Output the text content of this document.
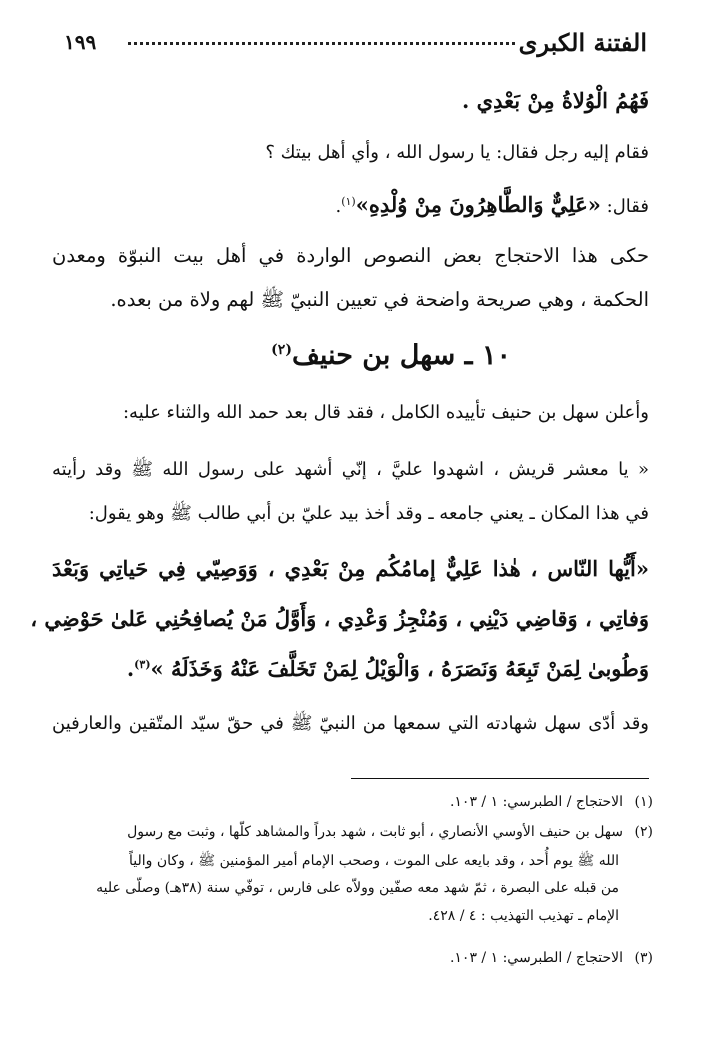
الفتنة الكبرى
١٩٩
فَهُمُ الْوُلاةُ مِنْ بَعْدِي .
فقام إليه رجل فقال: يا رسول الله ، وأي أهل بيتك ؟
فقال: «عَلِيٌّ وَالطَّاهِرُونَ مِنْ وُلْدِهِ»$^{(١)}$.
حكى هذا الاحتجاج بعض النصوص الواردة في أهل بيت النبوّة ومعدن
الحكمة ، وهي صريحة واضحة في تعيين النبيّ ﷺ لهم ولاة من بعده.
١٠ ـ سهل بن حنيف$^{(٢)}$
وأعلن سهل بن حنيف تأييده الكامل ، فقد قال بعد حمد الله والثناء عليه:
« يا معشر قريش ، اشهدوا عليَّ ، إنّي أشهد على رسول الله ﷺ وقد رأيته
في هذا المكان ـ يعني جامعه ـ وقد أخذ بيد عليّ بن أبي طالب ﷺ وهو يقول:
«أَيُّها النّاس ، هٰذا عَلِيٌّ إمامُكُم مِنْ بَعْدِي ، وَوَصِيّي فِي حَياتِي وَبَعْدَ
وَفاتِي ، وَقاضِي دَيْنِي ، وَمُنْجِزُ وَعْدِي ، وَأَوَّلُ مَنْ يُصافِحُنِي عَلىٰ حَوْضِي ،
وَطُوبىٰ لِمَنْ تَبِعَهُ وَنَصَرَهُ ، وَالْوَيْلُ لِمَنْ تَخَلَّفَ عَنْهُ وَخَذَلَهُ »$^{(٣)}$.
وقد أدّى سهل شهادته التي سمعها من النبيّ ﷺ في حقّ سيّد المتّقين والعارفين
(١)الاحتجاج / الطبرسي: ١ / ١٠٣.
(٢)سهل بن حنيف الأوسي الأنصاري ، أبو ثابت ، شهد بدراً والمشاهد كلّها ، وثبت مع رسول
الله ﷺ يوم أُحد ، وقد بايعه على الموت ، وصحب الإمام أمير المؤمنين ﷺ ، وكان والياً
من قبله على البصرة ، ثمّ شهد معه صفّين وولاّه على فارس ، توفّي سنة (٣٨هـ) وصلّى عليه
الإمام ـ تهذيب التهذيب : ٤ / ٤٢٨.
(٣)الاحتجاج / الطبرسي: ١ / ١٠٣.
